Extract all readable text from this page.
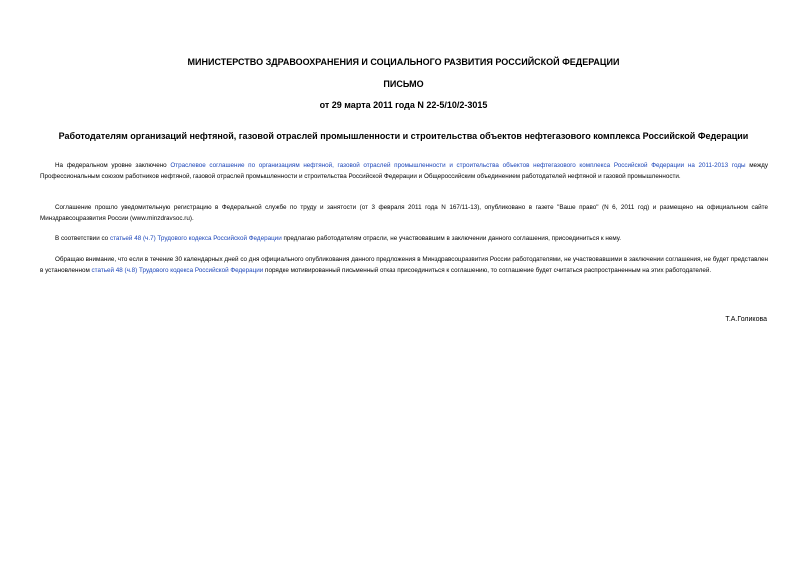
МИНИСТЕРСТВО ЗДРАВООХРАНЕНИЯ И СОЦИАЛЬНОГО РАЗВИТИЯ РОССИЙСКОЙ ФЕДЕРАЦИИ
ПИСЬМО
от 29 марта 2011 года N 22-5/10/2-3015
Работодателям организаций нефтяной, газовой отраслей промышленности и строительства объектов нефтегазового комплекса Российской Федерации

На федеральном уровне заключено Отраслевое соглашение по организациям нефтяной, газовой отраслей промышленности и строительства объектов нефтегазового комплекса Российской Федерации на 2011-2013 годы между Профессиональным союзом работников нефтяной, газовой отраслей промышленности и строительства Российской Федерации и Общероссийским объединением работодателей нефтяной и газовой промышленности.

Соглашение прошло уведомительную регистрацию в Федеральной службе по труду и занятости (от 3 февраля 2011 года N 167/11-13), опубликовано в газете "Ваше право" (N 6, 2011 год) и размещено на официальном сайте Минздравсоцразвития России (www.minzdravsoc.ru).

В соответствии со статьей 48 (ч.7) Трудового кодекса Российской Федерации предлагаю работодателям отрасли, не участвовавшим в заключении данного соглашения, присоединиться к нему.

Обращаю внимание, что если в течение 30 календарных дней со дня официального опубликования данного предложения в Минздравсоцразвития России работодателями, не участвовавшими в заключении соглашения, не будет представлен в установленном статьей 48 (ч.8) Трудового кодекса Российской Федерации порядке мотивированный письменный отказ присоединиться к соглашению, то соглашение будет считаться распространенным на этих работодателей.

Т.А.Голикова
